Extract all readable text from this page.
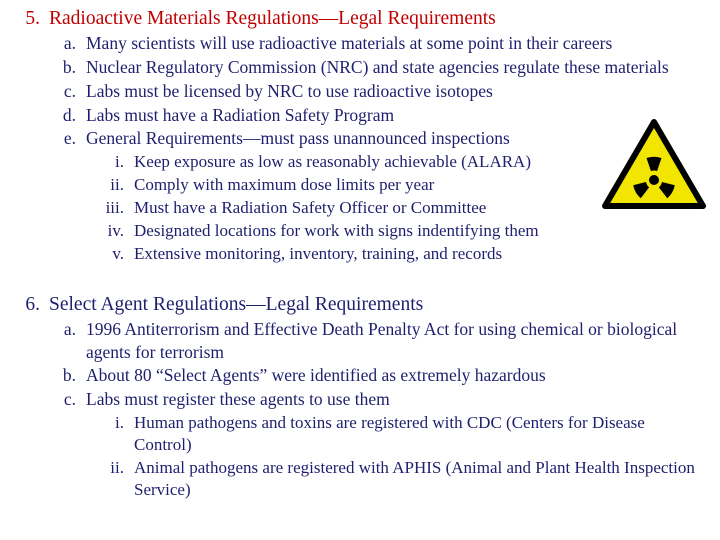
5. Radioactive Materials Regulations—Legal Requirements
a. Many scientists will use radioactive materials at some point in their careers
b. Nuclear Regulatory Commission (NRC) and state agencies regulate these materials
c. Labs must be licensed by NRC to use radioactive isotopes
d. Labs must have a Radiation Safety Program
e. General Requirements—must pass unannounced inspections
i. Keep exposure as low as reasonably achievable (ALARA)
ii. Comply with maximum dose limits per year
iii. Must have a Radiation Safety Officer or Committee
iv. Designated locations for work with signs indentifying them
v. Extensive monitoring, inventory, training, and records
6. Select Agent Regulations—Legal Requirements
a. 1996 Antiterrorism and Effective Death Penalty Act for using chemical or biological agents for terrorism
b. About 80 “Select Agents” were identified as extremely hazardous
c. Labs must register these agents to use them
i. Human pathogens and toxins are registered with CDC (Centers for Disease Control)
ii. Animal pathogens are registered with APHIS (Animal and Plant Health Inspection Service)
